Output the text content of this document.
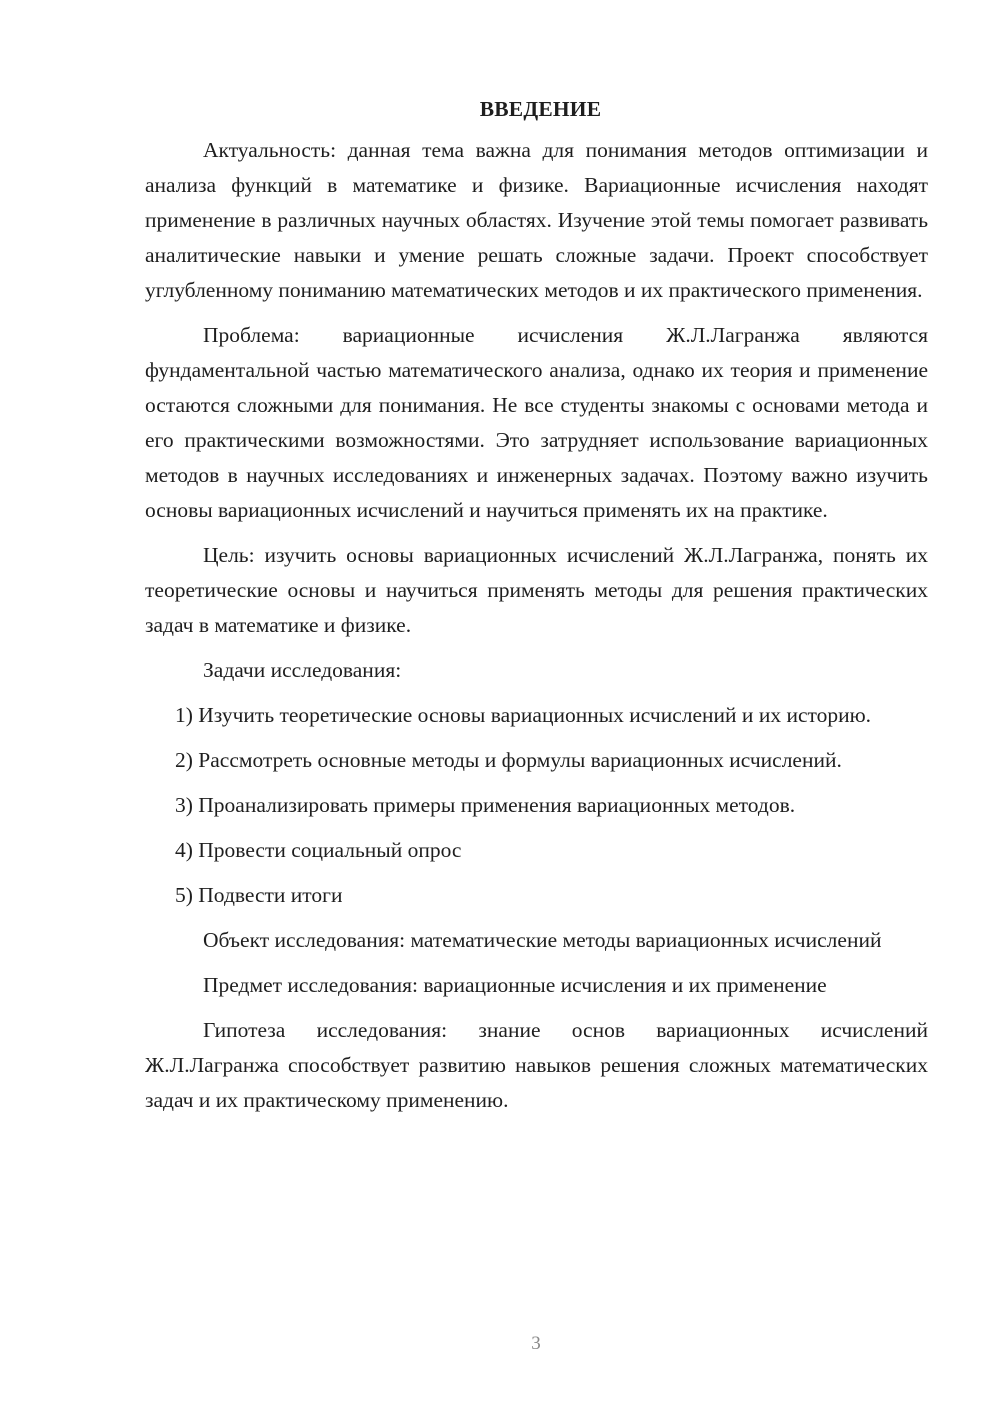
ВВЕДЕНИЕ

Актуальность: данная тема важна для понимания методов оптимизации и анализа функций в математике и физике. Вариационные исчисления находят применение в различных научных областях. Изучение этой темы помогает развивать аналитические навыки и умение решать сложные задачи. Проект способствует углубленному пониманию математических методов и их практического применения.

Проблема: вариационные исчисления Ж.Л.Лагранжа являются фундаментальной частью математического анализа, однако их теория и применение остаются сложными для понимания. Не все студенты знакомы с основами метода и его практическими возможностями. Это затрудняет использование вариационных методов в научных исследованиях и инженерных задачах. Поэтому важно изучить основы вариационных исчислений и научиться применять их на практике.

Цель: изучить основы вариационных исчислений Ж.Л.Лагранжа, понять их теоретические основы и научиться применять методы для решения практических задач в математике и физике.

Задачи исследования:

1) Изучить теоретические основы вариационных исчислений и их историю.

2) Рассмотреть основные методы и формулы вариационных исчислений.

3) Проанализировать примеры применения вариационных методов.

4) Провести социальный опрос

5) Подвести итоги

Объект исследования: математические методы вариационных исчислений

Предмет исследования: вариационные исчисления и их применение

Гипотеза исследования: знание основ вариационных исчислений Ж.Л.Лагранжа способствует развитию навыков решения сложных математических задач и их практическому применению.

3
